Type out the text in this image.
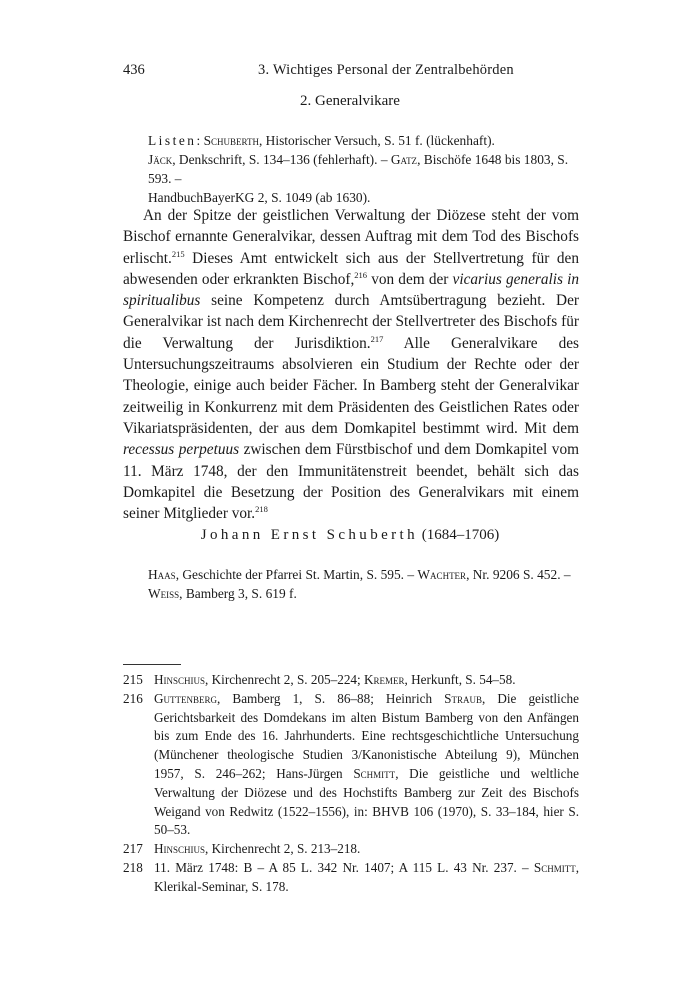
436	3. Wichtiges Personal der Zentralbehörden
2. Generalvikare
Listen: Schuberth, Historischer Versuch, S. 51 f. (lückenhaft).
Jäck, Denkschrift, S. 134–136 (fehlerhaft). – Gatz, Bischöfe 1648 bis 1803, S. 593. –
HandbuchBayerKG 2, S. 1049 (ab 1630).

An der Spitze der geistlichen Verwaltung der Diözese steht der vom Bischof ernannte Generalvikar, dessen Auftrag mit dem Tod des Bischofs erlischt.$^{215}$ Dieses Amt entwickelt sich aus der Stellvertretung für den abwesenden oder erkrankten Bischof,$^{216}$ von dem der vicarius generalis in spiritualibus seine Kompetenz durch Amtsübertragung bezieht. Der Generalvikar ist nach dem Kirchenrecht der Stellvertreter des Bischofs für die Verwaltung der Jurisdiktion.$^{217}$ Alle Generalvikare des Untersuchungszeitraums absolvieren ein Studium der Rechte oder der Theologie, einige auch beider Fächer. In Bamberg steht der Generalvikar zeitweilig in Konkurrenz mit dem Präsidenten des Geistlichen Rates oder Vikariatspräsidenten, der aus dem Domkapitel bestimmt wird. Mit dem recessus perpetuus zwischen dem Fürstbischof und dem Domkapitel vom 11. März 1748, der den Immunitätenstreit beendet, behält sich das Domkapitel die Besetzung der Position des Generalvikars mit einem seiner Mitglieder vor.$^{218}$

Johann Ernst Schuberth (1684–1706)
Haas, Geschichte der Pfarrei St. Martin, S. 595. – Wachter, Nr. 9206 S. 452. –
Weiss, Bamberg 3, S. 619 f.
215 Hinschius, Kirchenrecht 2, S. 205–224; Kremer, Herkunft, S. 54–58.
216 Guttenberg, Bamberg 1, S. 86–88; Heinrich Straub, Die geistliche Gerichtsbarkeit des Domdekans im alten Bistum Bamberg von den Anfängen bis zum Ende des 16. Jahrhunderts. Eine rechtsgeschichtliche Untersuchung (Münchener theologische Studien 3/Kanonistische Abteilung 9), München 1957, S. 246–262; Hans-Jürgen Schmitt, Die geistliche und weltliche Verwaltung der Diözese und des Hochstifts Bamberg zur Zeit des Bischofs Weigand von Redwitz (1522–1556), in: BHVB 106 (1970), S. 33–184, hier S. 50–53.
217 Hinschius, Kirchenrecht 2, S. 213–218.
218 11. März 1748: B – A 85 L. 342 Nr. 1407; A 115 L. 43 Nr. 237. – Schmitt, Klerikal-Seminar, S. 178.
